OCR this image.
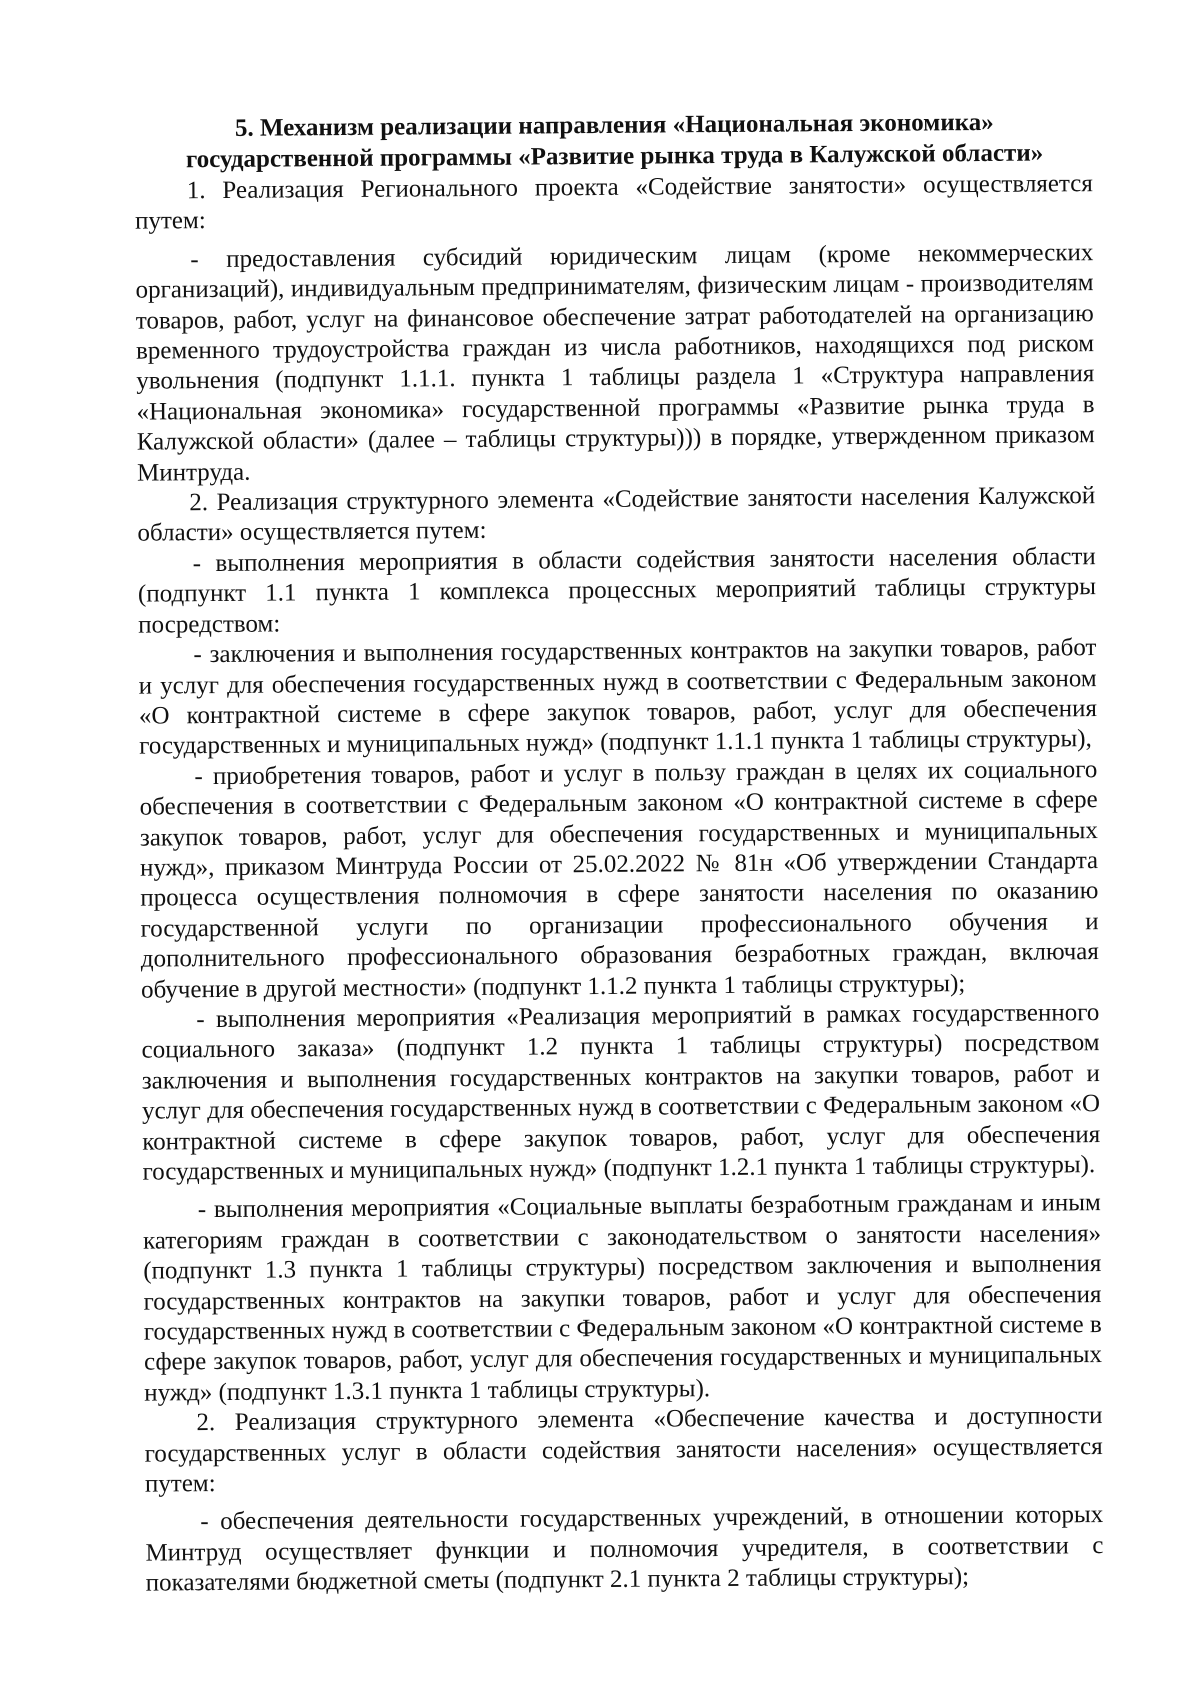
5. Механизм реализации направления «Национальная экономика»
государственной программы «Развитие рынка труда в Калужской области»

1. Реализация Регионального проекта «Содействие занятости» осуществляется путем:

- предоставления субсидий юридическим лицам (кроме некоммерческих организаций), индивидуальным предпринимателям, физическим лицам - производителям товаров, работ, услуг на финансовое обеспечение затрат работодателей на организацию временного трудоустройства граждан из числа работников, находящихся под риском увольнения (подпункт 1.1.1. пункта 1 таблицы раздела 1 «Структура направления «Национальная экономика» государственной программы «Развитие рынка труда в Калужской области» (далее – таблицы структуры))) в порядке, утвержденном приказом Минтруда.

2. Реализация структурного элемента «Содействие занятости населения Калужской области» осуществляется путем:

- выполнения мероприятия в области содействия занятости населения области (подпункт 1.1 пункта 1 комплекса процессных мероприятий таблицы структуры посредством:

- заключения и выполнения государственных контрактов на закупки товаров, работ и услуг для обеспечения государственных нужд в соответствии с Федеральным законом «О контрактной системе в сфере закупок товаров, работ, услуг для обеспечения государственных и муниципальных нужд» (подпункт 1.1.1 пункта 1 таблицы структуры),

- приобретения товаров, работ и услуг в пользу граждан в целях их социального обеспечения в соответствии с Федеральным законом «О контрактной системе в сфере закупок товаров, работ, услуг для обеспечения государственных и муниципальных нужд», приказом Минтруда России от 25.02.2022 № 81н «Об утверждении Стандарта процесса осуществления полномочия в сфере занятости населения по оказанию государственной услуги по организации профессионального обучения и дополнительного профессионального образования безработных граждан, включая обучение в другой местности» (подпункт 1.1.2 пункта 1 таблицы структуры);

- выполнения мероприятия «Реализация мероприятий в рамках государственного социального заказа» (подпункт 1.2 пункта 1 таблицы структуры) посредством заключения и выполнения государственных контрактов на закупки товаров, работ и услуг для обеспечения государственных нужд в соответствии с Федеральным законом «О контрактной системе в сфере закупок товаров, работ, услуг для обеспечения государственных и муниципальных нужд» (подпункт 1.2.1 пункта 1 таблицы структуры).

- выполнения мероприятия «Социальные выплаты безработным гражданам и иным категориям граждан в соответствии с законодательством о занятости населения» (подпункт 1.3 пункта 1 таблицы структуры) посредством заключения и выполнения государственных контрактов на закупки товаров, работ и услуг для обеспечения государственных нужд в соответствии с Федеральным законом «О контрактной системе в сфере закупок товаров, работ, услуг для обеспечения государственных и муниципальных нужд» (подпункт 1.3.1 пункта 1 таблицы структуры).

2. Реализация структурного элемента «Обеспечение качества и доступности государственных услуг в области содействия занятости населения» осуществляется путем:

- обеспечения деятельности государственных учреждений, в отношении которых Минтруд осуществляет функции и полномочия учредителя, в соответствии с показателями бюджетной сметы (подпункт 2.1 пункта 2 таблицы структуры);
